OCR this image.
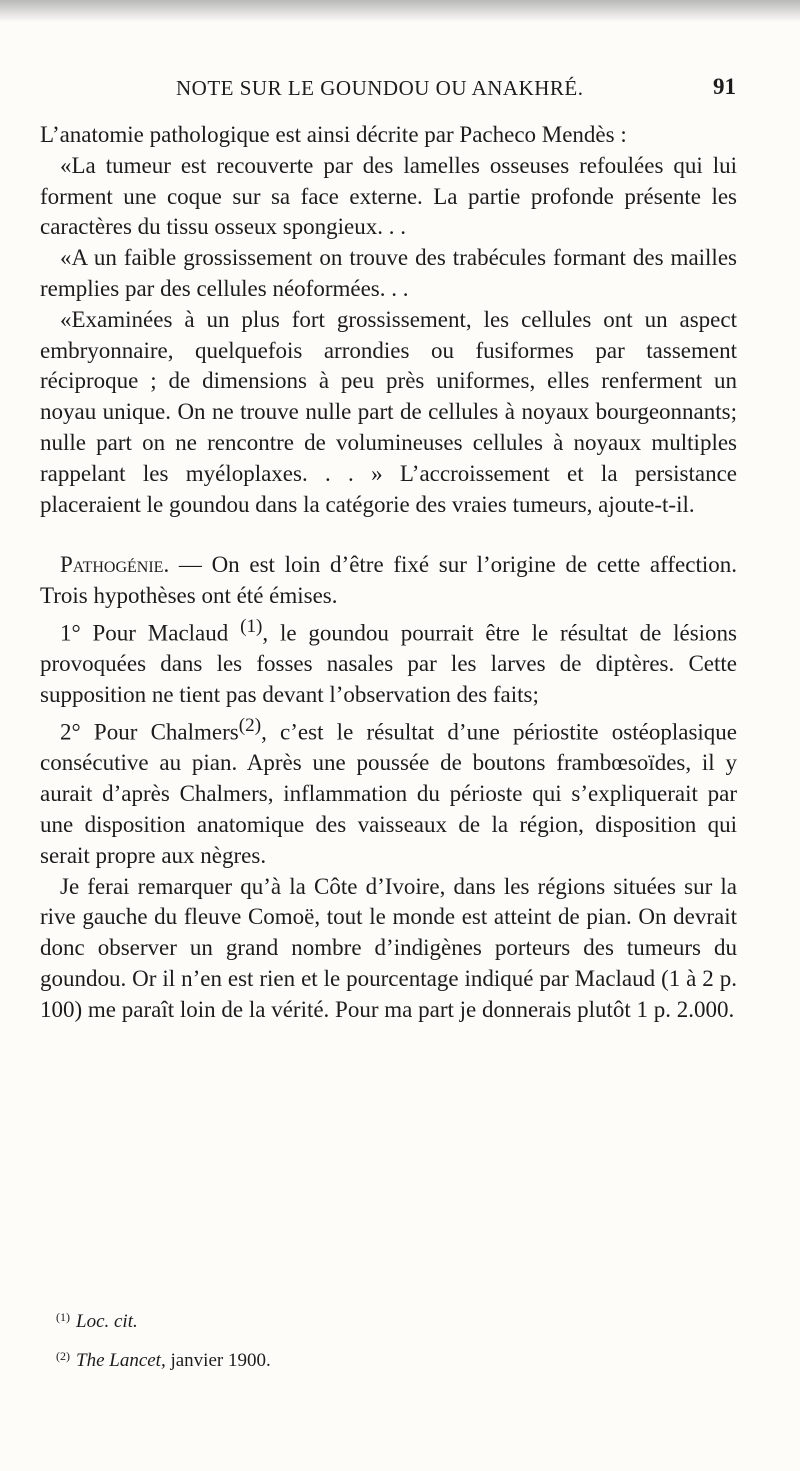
NOTE SUR LE GOUNDOU OU ANAKHRÉ.	91

L’anatomie pathologique est ainsi décrite par Pacheco Mendès :

«La tumeur est recouverte par des lamelles osseuses refoulées qui lui forment une coque sur sa face externe. La partie profonde présente les caractères du tissu osseux spongieux. . .

«A un faible grossissement on trouve des trabécules formant des mailles remplies par des cellules néoformées. . .

«Examinées à un plus fort grossissement, les cellules ont un aspect embryonnaire, quelquefois arrondies ou fusiformes par tassement réciproque ; de dimensions à peu près uniformes, elles renferment un noyau unique. On ne trouve nulle part de cellules à noyaux bourgeonnants; nulle part on ne rencontre de volumineuses cellules à noyaux multiples rappelant les myéloplaxes. . . » L’accroissement et la persistance placeraient le goundou dans la catégorie des vraies tumeurs, ajoute-t-il.

Pathogénie. — On est loin d’être fixé sur l’origine de cette affection. Trois hypothèses ont été émises.

1° Pour Maclaud $^{(1)}$, le goundou pourrait être le résultat de lésions provoquées dans les fosses nasales par les larves de diptères. Cette supposition ne tient pas devant l’observation des faits;

2° Pour Chalmers$^{(2)}$, c’est le résultat d’une périostite ostéoplasique consécutive au pian. Après une poussée de boutons frambœsoïdes, il y aurait d’après Chalmers, inflammation du périoste qui s’expliquerait par une disposition anatomique des vaisseaux de la région, disposition qui serait propre aux nègres.

Je ferai remarquer qu’à la Côte d’Ivoire, dans les régions situées sur la rive gauche du fleuve Comoë, tout le monde est atteint de pian. On devrait donc observer un grand nombre d’indigènes porteurs des tumeurs du goundou. Or il n’en est rien et le pourcentage indiqué par Maclaud (1 à 2 p. 100) me paraît loin de la vérité. Pour ma part je donnerais plutôt 1 p. 2.000.

$^{(1)}$ Loc. cit.
$^{(2)}$ The Lancet, janvier 1900.
